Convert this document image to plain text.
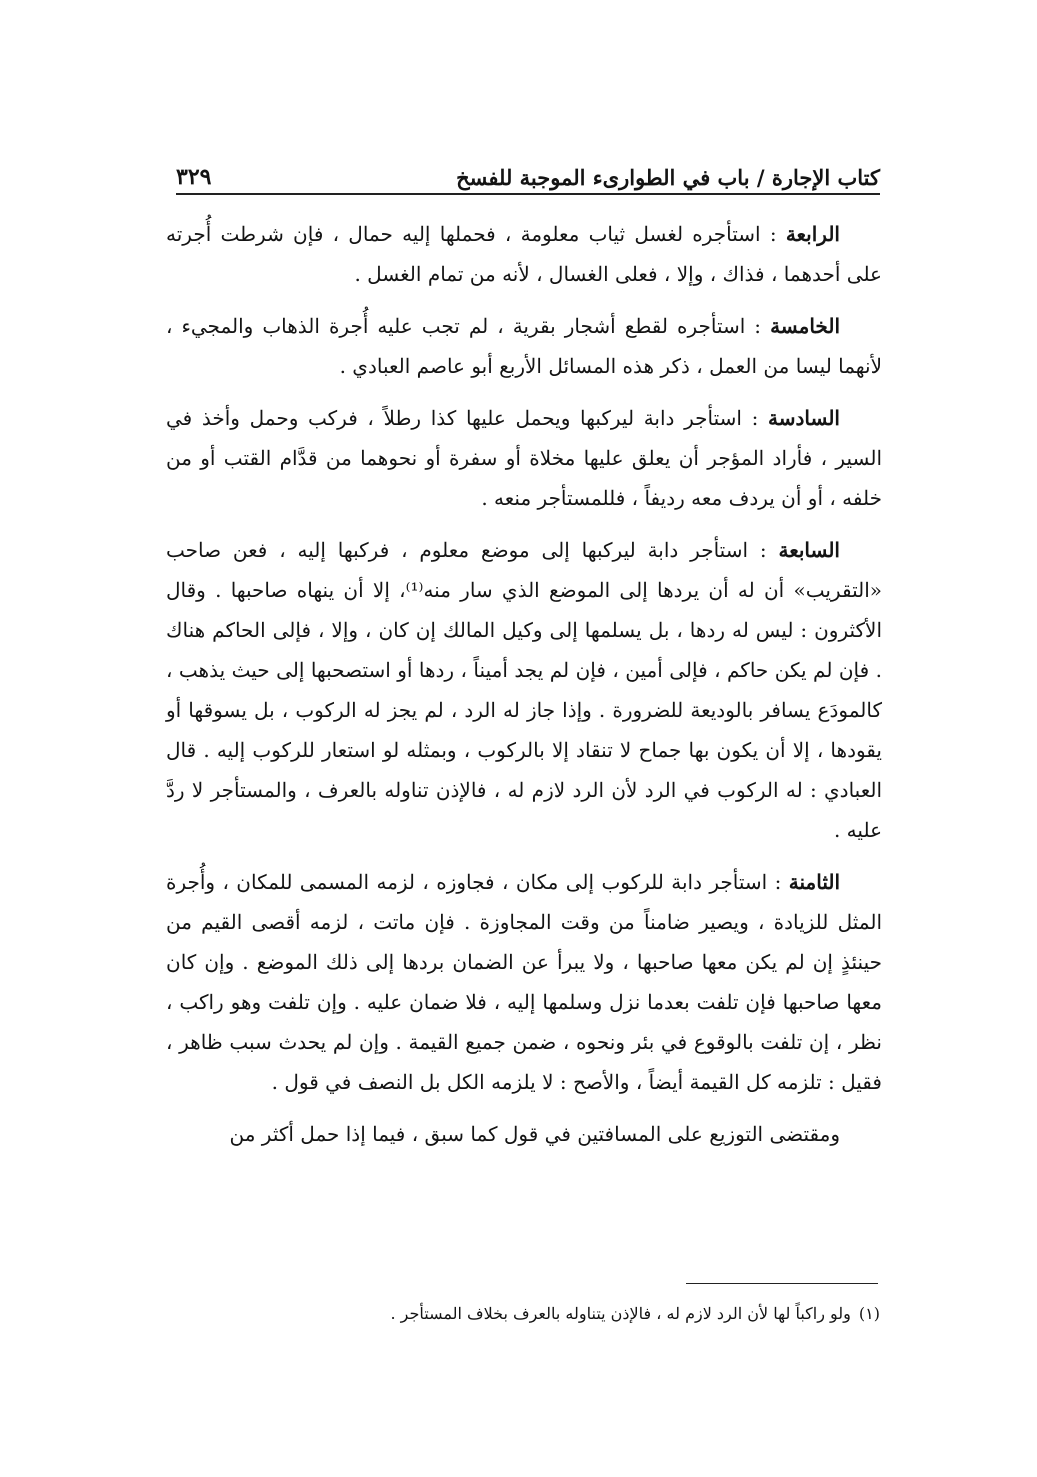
كتاب الإجارة / باب في الطوارىء الموجبة للفسخ
٣٢٩

الرابعة : استأجره لغسل ثياب معلومة ، فحملها إليه حمال ، فإن شرطت أُجرته على أحدهما ، فذاك ، وإلا ، فعلى الغسال ، لأنه من تمام الغسل .

الخامسة : استأجره لقطع أشجار بقرية ، لم تجب عليه أُجرة الذهاب والمجيء ، لأنهما ليسا من العمل ، ذكر هذه المسائل الأربع أبو عاصم العبادي .

السادسة : استأجر دابة ليركبها ويحمل عليها كذا رطلاً ، فركب وحمل وأخذ في السير ، فأراد المؤجر أن يعلق عليها مخلاة أو سفرة أو نحوهما من قدَّام القتب أو من خلفه ، أو أن يردف معه رديفاً ، فللمستأجر منعه .

السابعة : استأجر دابة ليركبها إلى موضع معلوم ، فركبها إليه ، فعن صاحب «التقريب» أن له أن يردها إلى الموضع الذي سار منه⁽¹⁾، إلا أن ينهاه صاحبها . وقال الأكثرون : ليس له ردها ، بل يسلمها إلى وكيل المالك إن كان ، وإلا ، فإلى الحاكم هناك . فإن لم يكن حاكم ، فإلى أمين ، فإن لم يجد أميناً ، ردها أو استصحبها إلى حيث يذهب ، كالمودَع يسافر بالوديعة للضرورة . وإذا جاز له الرد ، لم يجز له الركوب ، بل يسوقها أو يقودها ، إلا أن يكون بها جماح لا تنقاد إلا بالركوب ، وبمثله لو استعار للركوب إليه . قال العبادي : له الركوب في الرد لأن الرد لازم له ، فالإذن تناوله بالعرف ، والمستأجر لا ردَّ عليه .

الثامنة : استأجر دابة للركوب إلى مكان ، فجاوزه ، لزمه المسمى للمكان ، وأُجرة المثل للزيادة ، ويصير ضامناً من وقت المجاوزة . فإن ماتت ، لزمه أقصى القيم من حينئذٍ إن لم يكن معها صاحبها ، ولا يبرأ عن الضمان بردها إلى ذلك الموضع . وإن كان معها صاحبها فإن تلفت بعدما نزل وسلمها إليه ، فلا ضمان عليه . وإن تلفت وهو راكب ، نظر ، إن تلفت بالوقوع في بئر ونحوه ، ضمن جميع القيمة . وإن لم يحدث سبب ظاهر ، فقيل : تلزمه كل القيمة أيضاً ، والأصح : لا يلزمه الكل بل النصف في قول .

ومقتضى التوزيع على المسافتين في قول كما سبق ، فيما إذا حمل أكثر من

(١)ولو راكباً لها لأن الرد لازم له ، فالإذن يتناوله بالعرف بخلاف المستأجر .
